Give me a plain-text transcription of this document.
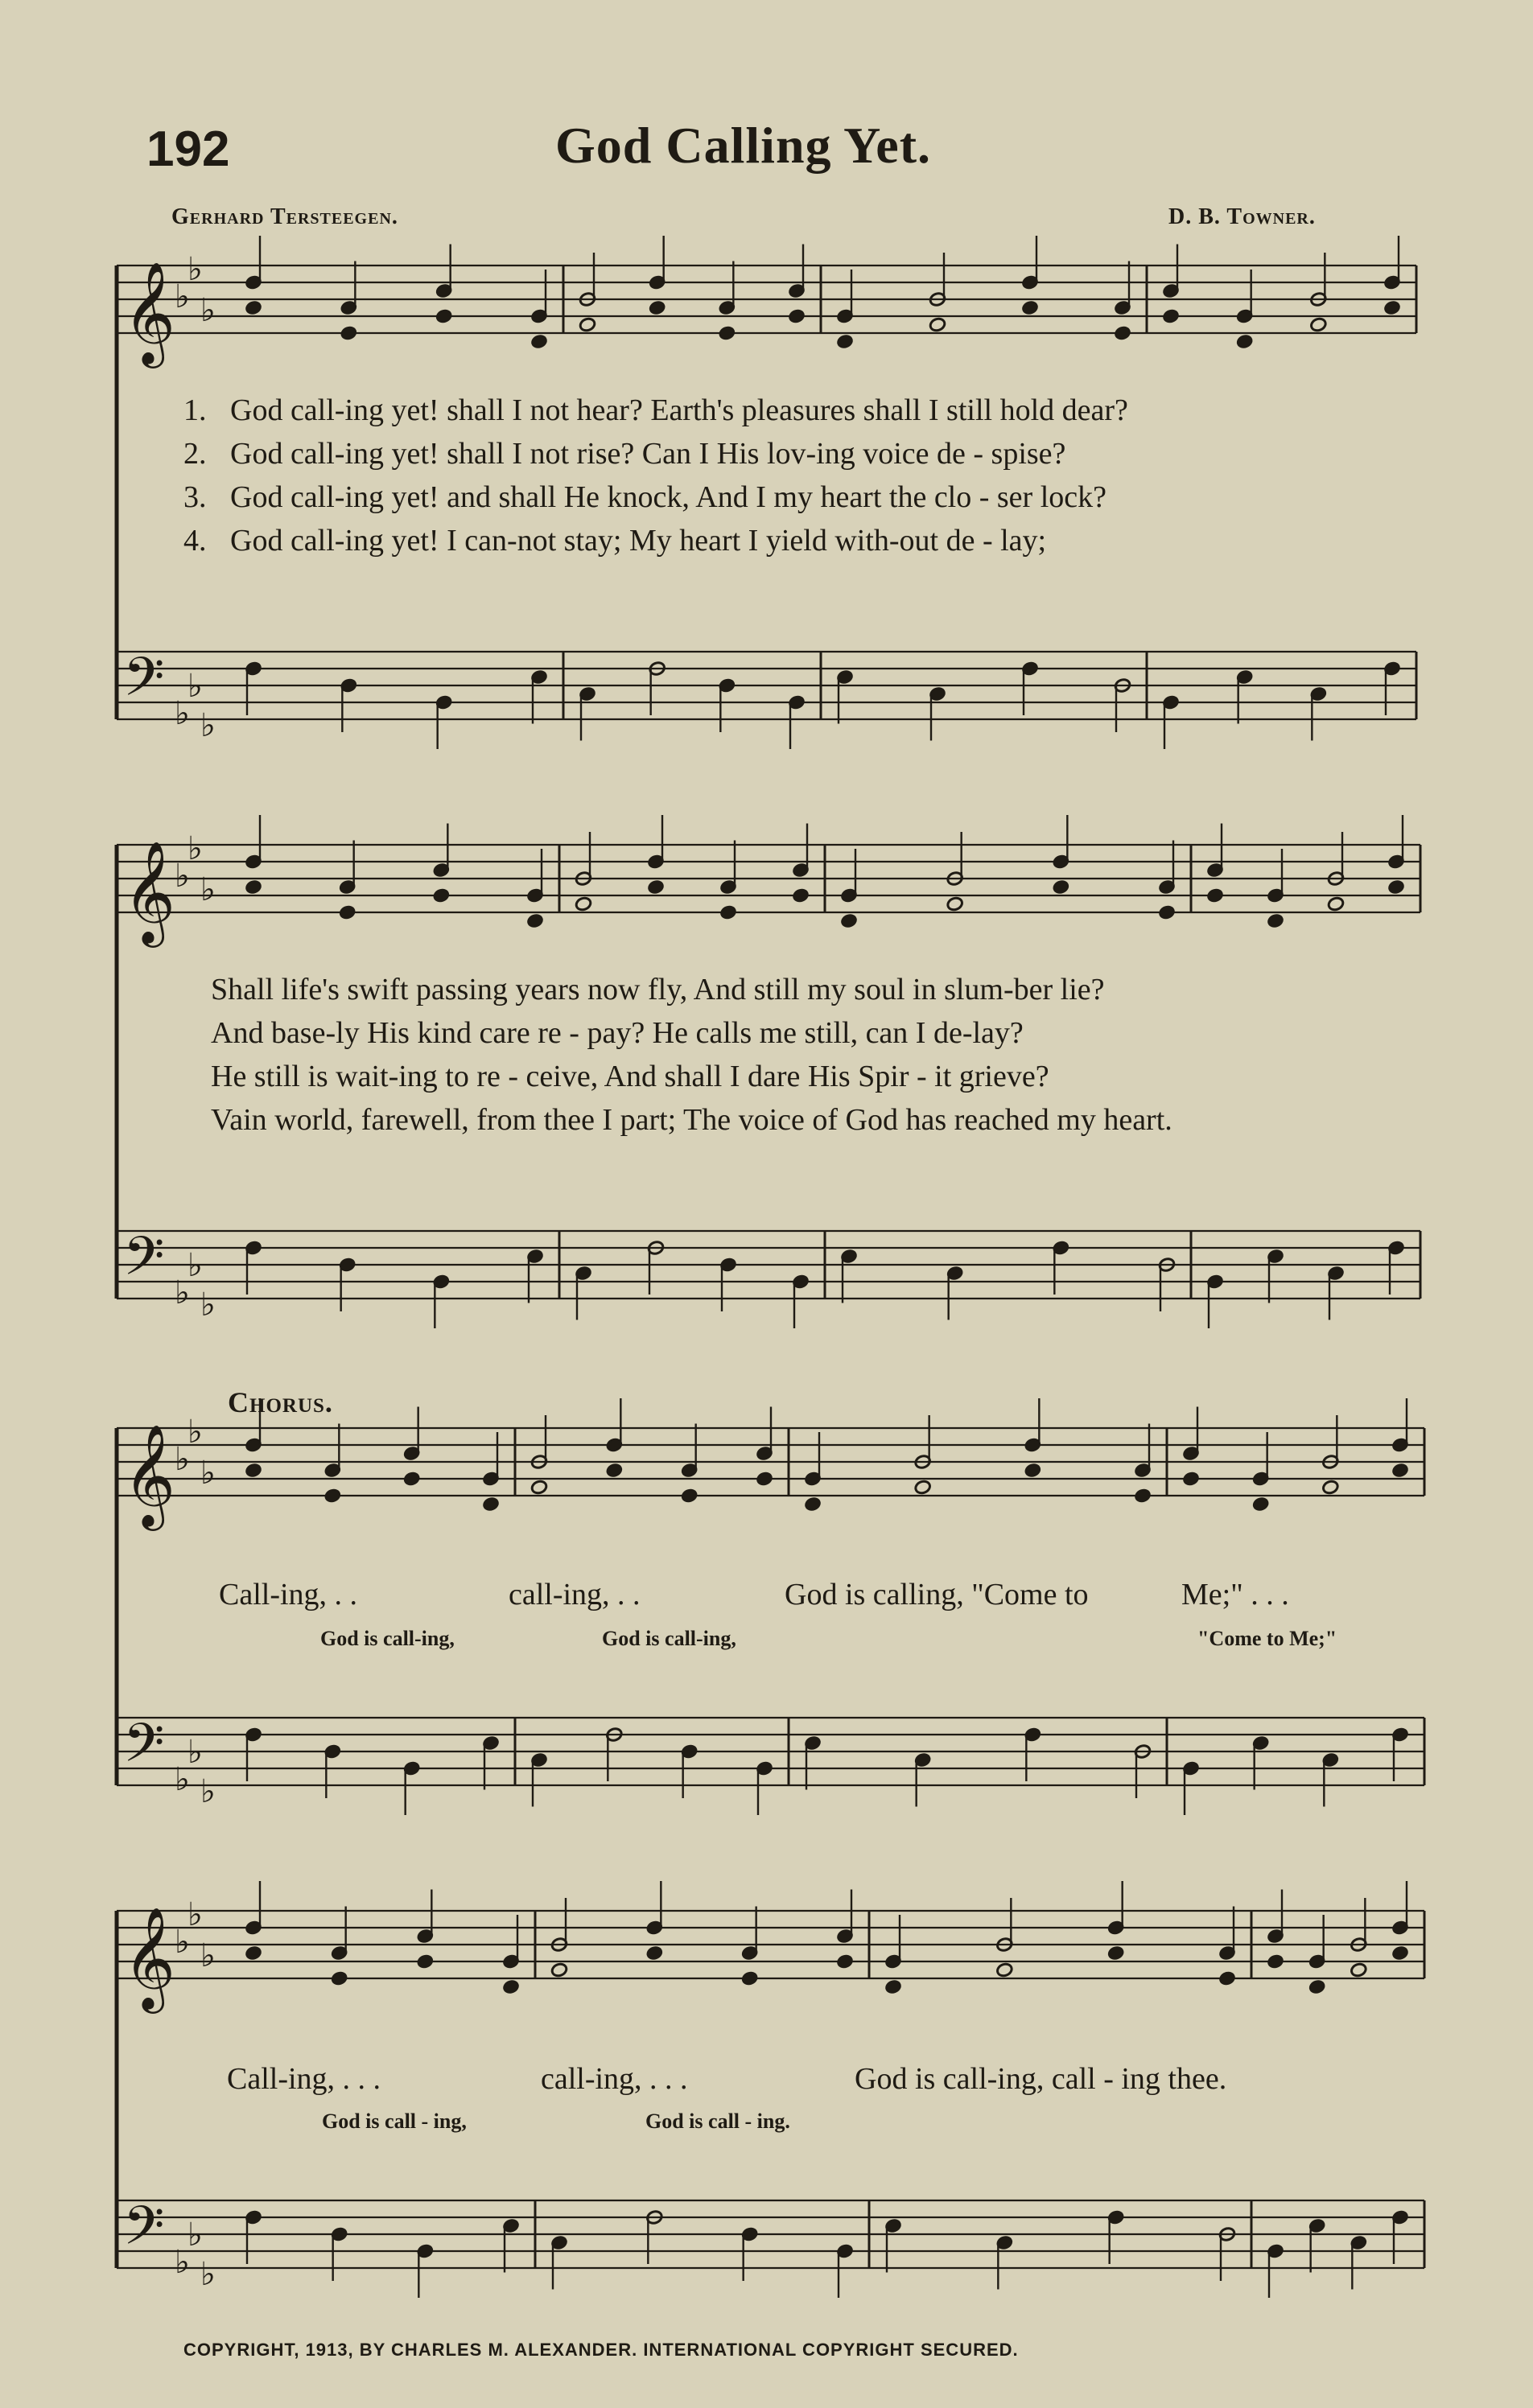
192	God Calling Yet.
Gerhard Tersteegen.	D. B. Towner.
𝄞
𝄢
♭
♭
♭
♭
♭
♭
𝄞
𝄢
♭
♭
♭
♭
♭
♭
𝄞
𝄢
♭
♭
♭
♭
♭
♭
𝄞
𝄢
♭
♭
♭
♭
♭
♭
1. God call-ing yet! shall I not hear? Earth's pleasures shall I still hold dear?
2. God call-ing yet! shall I not rise? Can I His lov-ing voice de - spise?
3. God call-ing yet! and shall He knock, And I my heart the clo - ser lock?
4. God call-ing yet! I can-not stay; My heart I yield with-out de - lay;
Shall life's swift passing years now fly, And still my soul in slum-ber lie?
And base-ly His kind care re - pay? He calls me still, can I de-lay?
He still is wait-ing to re - ceive, And shall I dare His Spir - it grieve?
Vain world, farewell, from thee I part; The voice of God has reached my heart.
Chorus.
Call-ing, . .	call-ing, . .	God is calling, "Come to	Me;" . . .
God is call-ing,	God is call-ing,	"Come to Me;"
Call-ing, . . .	call-ing, . . .	God is call-ing, call - ing thee.
God is call - ing,	God is call - ing.
COPYRIGHT, 1913, BY CHARLES M. ALEXANDER. INTERNATIONAL COPYRIGHT SECURED.
